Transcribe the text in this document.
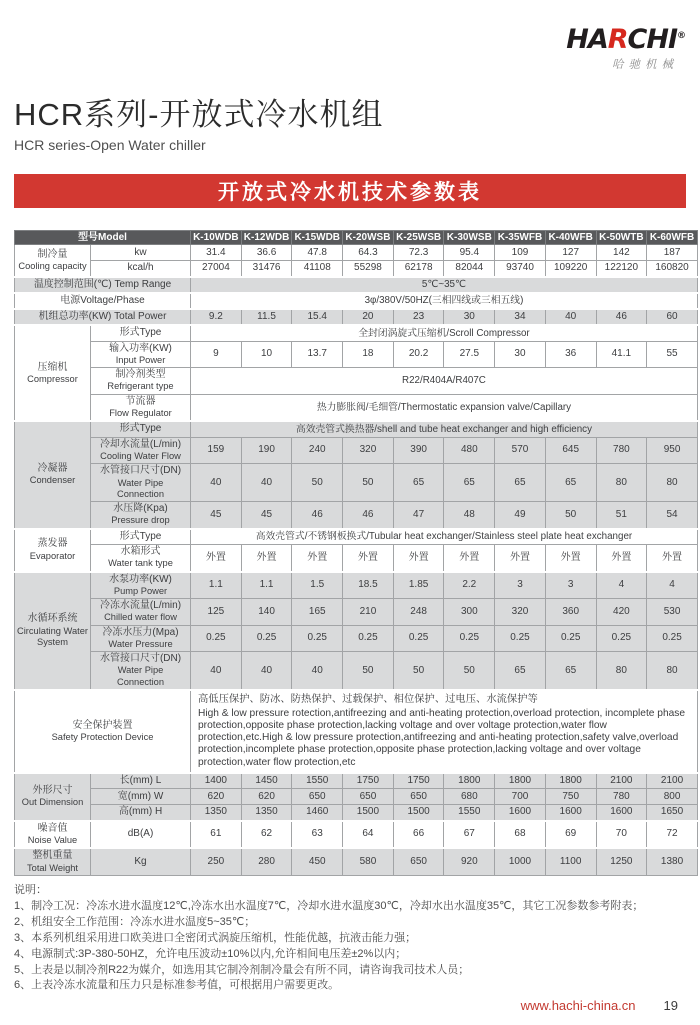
HARCHI®
哈驰机械
HCR系列-开放式冷水机组
HCR series-Open Water chiller
开放式冷水机技术参数表
型号Model		K-10WDB	K-12WDB	K-15WDB	K-20WSB	K-25WSB	K-30WSB	K-35WFB	K-40WFB	K-50WTB	K-60WFB

制冷量
Cooling capacity	kw	31.4	36.6	47.8	64.3	72.3	95.4	109	127	142	187

	kcal/h	27004	31476	41108	55298	62178	82044	93740	109220	122120	160820

温度控制范围(℃) Temp Range		5℃~35℃									

电源Voltage/Phase		3φ/380V/50HZ(三相四线或三相五线)									

机组总功率(KW) Total Power		9.2	11.5	15.4	20	23	30	34	40	46	60

压缩机
Compressor	形式Type	全封闭涡旋式压缩机/Scroll Compressor									

	输入功率(KW)
Input Power	9	10	13.7	18	20.2	27.5	30	36	41.1	55

	制冷剂类型
Refrigerant type	R22/R404A/R407C									

	节流器
Flow Regulator	热力膨胀阀/毛细管/Thermostatic expansion valve/Capillary									

冷凝器
Condenser	形式Type	高效壳管式换热器/shell and tube heat exchanger and high efficiency									

	冷却水流量(L/min)
Cooling Water Flow	159	190	240	320	390	480	570	645	780	950

	水管接口尺寸(DN)
Water Pipe Connection	40	40	50	50	65	65	65	65	80	80

	水压降(Kpa)
Pressure drop	45	45	46	46	47	48	49	50	51	54

蒸发器
Evaporator	形式Type	高效壳管式/不锈钢板换式/Tubular heat exchanger/Stainless steel plate heat exchanger									

	水箱形式
Water tank type	外置	外置	外置	外置	外置	外置	外置	外置	外置	外置

水循环系统
Circulating Water System	水泵功率(KW)
Pump Power	1.1	1.1	1.5	18.5	1.85	2.2	3	3	4	4

	冷冻水流量(L/min)
Chilled water flow	125	140	165	210	248	300	320	360	420	530

	冷冻水压力(Mpa)
Water Pressure	0.25	0.25	0.25	0.25	0.25	0.25	0.25	0.25	0.25	0.25

	水管接口尺寸(DN)
Water Pipe Connection	40	40	40	50	50	50	65	65	80	80

安全保护装置
Safety Protection Device

高低压保护、防冰、防热保护、过载保护、相位保护、过电压、水流保护等
High & low pressure rotection,antifreezing and anti-heating protection,overload protection, incomplete phase protection,opposite phase protection,lacking voltage and over voltage protection,water flow protection,etc.High & low pressure protection,antifreezing and anti-heating protection,safety valve,overload protection,incomplete phase protection,opposite phase protection,lacking voltage and over voltage protection,water flow protection,etc

外形尺寸
Out Dimension	长(mm) L	1400	1450	1550	1750	1750	1800	1800	1800	2100	2100

	宽(mm) W	620	620	650	650	650	680	700	750	780	800

	高(mm) H	1350	1350	1460	1500	1500	1550	1600	1600	1600	1650

噪音值
Noise Value	dB(A)	61	62	63	64	66	67	68	69	70	72

整机重量
Total Weight	Kg	250	280	450	580	650	920	1000	1100	1250	1380
说明：
1、制冷工况：冷冻水进水温度12℃,冷冻水出水温度7℃，冷却水进水温度30℃，冷却水出水温度35℃，其它工况参数参考附表；
2、机组安全工作范围：冷冻水进水温度5~35℃；
3、本系列机组采用进口欧美进口全密闭式涡旋压缩机，性能优越，抗液击能力强；
4、电源制式:3P-380-50HZ，允许电压波动±10%以内,允许相间电压差±2%以内；
5、上表是以制冷剂R22为媒介，如选用其它制冷剂制冷量会有所不同，请咨询我司技术人员；
6、上表冷冻水流量和压力只是标准参考值，可根据用户需要更改。
www.hachi-china.cn 19
